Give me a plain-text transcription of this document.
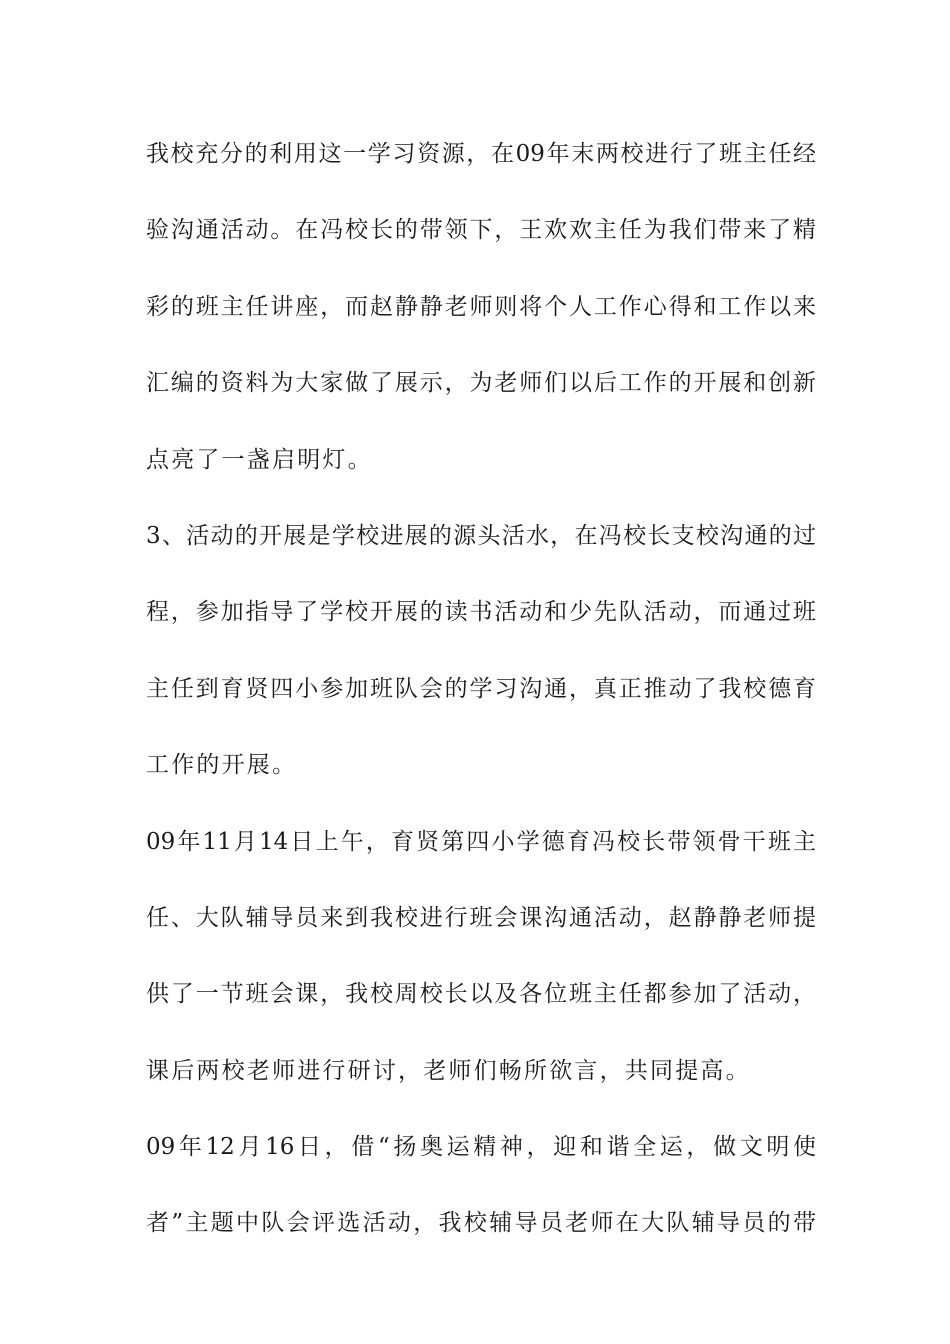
我校充分的利用这一学习资源，在09年末两校进行了班主任经
验沟通活动。在冯校长的带领下，王欢欢主任为我们带来了精
彩的班主任讲座，而赵静静老师则将个人工作心得和工作以来
汇编的资料为大家做了展示，为老师们以后工作的开展和创新
点亮了一盏启明灯。
3、活动的开展是学校进展的源头活水，在冯校长支校沟通的过
程，参加指导了学校开展的读书活动和少先队活动，而通过班
主任到育贤四小参加班队会的学习沟通，真正推动了我校德育
工作的开展。
09年11月14日上午，育贤第四小学德育冯校长带领骨干班主
任、大队辅导员来到我校进行班会课沟通活动，赵静静老师提
供了一节班会课，我校周校长以及各位班主任都参加了活动，
课后两校老师进行研讨，老师们畅所欲言，共同提高。
09年12月16日，借“扬奥运精神，迎和谐全运，做文明使
者”主题中队会评选活动，我校辅导员老师在大队辅导员的带
